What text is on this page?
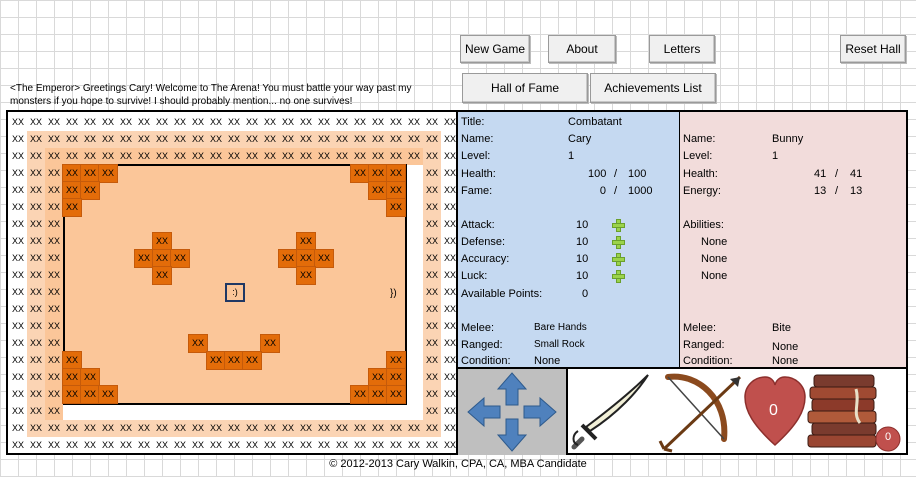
New Game	About	Letters	Reset Hall
Hall of Fame	Achievements List
<The Emperor> Greetings Cary! Welcome to The Arena! You must battle your way past my monsters if you hope to survive! I should probably mention... no one survives!
XX XX XX XX XX XX XX XX XX XX XX XX XX XX XX XX XX XX XX XX XX XX XX XX XX
XX XX XX XX XX XX XX XX XX XX XX XX XX XX XX XX XX XX XX XX XX XX XX XX XX
XX XX XX XX XX XX XX XX XX XX XX XX XX XX XX XX XX XX XX XX XX XX XX XX XX
XX XX XX	XX XX
XX XX XX	XX XX
XX XX XX	XX XX
XX XX XX	XX XX
XX XX XX	XX XX
XX XX XX	XX XX
XX XX XX	XX XX
XX XX XX	XX XX
XX XX XX	XX XX
XX XX XX	XX XX
XX XX XX	XX XX
XX XX XX	XX XX
XX XX XX	XX XX
XX XX XX	XX XX
XX XX XX	XX XX
XX XX XX XX XX XX XX XX XX XX XX XX XX XX XX XX XX XX XX XX XX XX XX XX XX
XX XX XX XX XX XX XX XX XX XX XX XX XX XX XX XX XX XX XX XX XX XX XX XX XX
XX XX XX
XX XX
XX
XX XX XX
XX XX
XX
XX
XX XX XX
XX
XX
XX XX XX
XX
XX	XX
XX XX XX
XX
XX XX
XX XX XX
XX
XX XX
XX XX XX
:)	})
Title:	Combatant
Name:	Cary
Level:	1
Health:	100 / 100
Fame:	0 / 1000
Attack:	10
Defense:	10
Accuracy:	10
Luck:	10
Available Points:	0
Melee:	Bare Hands
Ranged:	Small Rock
Condition: None
Name:	Bunny
Level:	1
Health:	41 / 41
Energy:	13 / 13
Abilities:
None
None
None
Melee:	Bite
Ranged:	None
Condition:	None
0
0
© 2012-2013 Cary Walkin, CPA, CA, MBA Candidate
